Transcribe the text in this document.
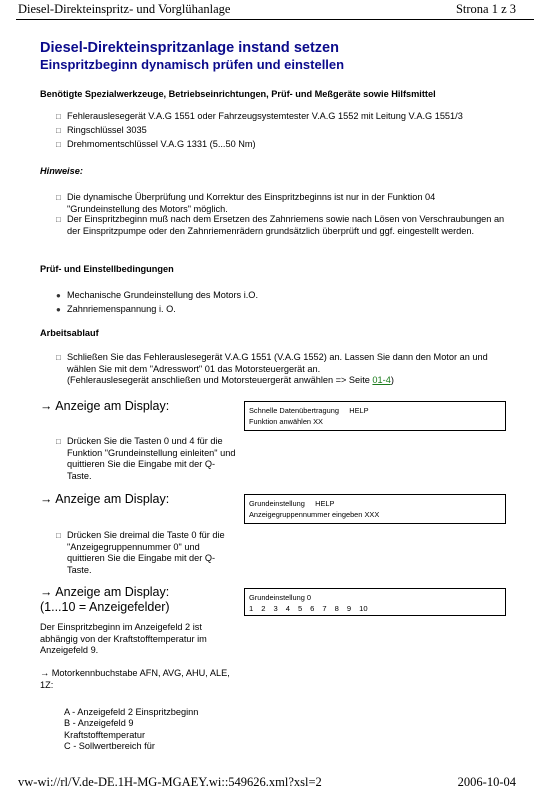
Diesel-Direkteinspritz- und Vorglühanlage	Strona 1 z 3
Diesel-Direkteinspritzanlage instand setzen
Einspritzbeginn dynamisch prüfen und einstellen
Benötigte Spezialwerkzeuge, Betriebseinrichtungen, Prüf- und Meßgeräte sowie Hilfsmittel
□ Fehlerauslesegerät V.A.G 1551 oder Fahrzeugsystemtester V.A.G 1552 mit Leitung V.A.G 1551/3
□ Ringschlüssel 3035
□ Drehmomentschlüssel V.A.G 1331 (5...50 Nm)
Hinweise:
□ Die dynamische Überprüfung und Korrektur des Einspritzbeginns ist nur in der Funktion 04 "Grundeinstellung des Motors" möglich.
□ Der Einspritzbeginn muß nach dem Ersetzen des Zahnriemens sowie nach Lösen von Verschraubungen an der Einspritzpumpe oder den Zahnriemenrädern grundsätzlich überprüft und ggf. eingestellt werden.
Prüf- und Einstellbedingungen
● Mechanische Grundeinstellung des Motors i.O.
● Zahnriemenspannung i. O.
Arbeitsablauf
□ Schließen Sie das Fehlerauslesegerät V.A.G 1551 (V.A.G 1552) an. Lassen Sie dann den Motor an und wählen Sie mit dem "Adresswort" 01 das Motorsteuergerät an.
(Fehlerauslesegerät anschließen und Motorsteuergerät anwählen => Seite 01-4)
→ Anzeige am Display:	Schnelle Datenübertragung     HELP
Funktion anwählen XX
□ Drücken Sie die Tasten 0 und 4 für die Funktion "Grundeinstellung einleiten" und quittieren Sie die Eingabe mit der Q-Taste.
→ Anzeige am Display:	Grundeinstellung     HELP
Anzeigegruppennummer eingeben XXX
□ Drücken Sie dreimal die Taste 0 für die "Anzeigegruppennummer 0" und quittieren Sie die Eingabe mit der Q-Taste.
→ Anzeige am Display:
(1...10 = Anzeigefelder)
Grundeinstellung 0
1 2 3 4 5 6 7 8 9 10
Der Einspritzbeginn im Anzeigefeld 2 ist abhängig von der Kraftstofftemperatur im Anzeigefeld 9.
→ Motorkennbuchstabe AFN, AVG, AHU, ALE, 1Z:
A - Anzeigefeld 2 Einspritzbeginn
B - Anzeigefeld 9 Kraftstofftemperatur
C - Sollwertbereich für
vw-wi://rl/V.de-DE.1H-MG-MGAEY.wi::549626.xml?xsl=2	2006-10-04
